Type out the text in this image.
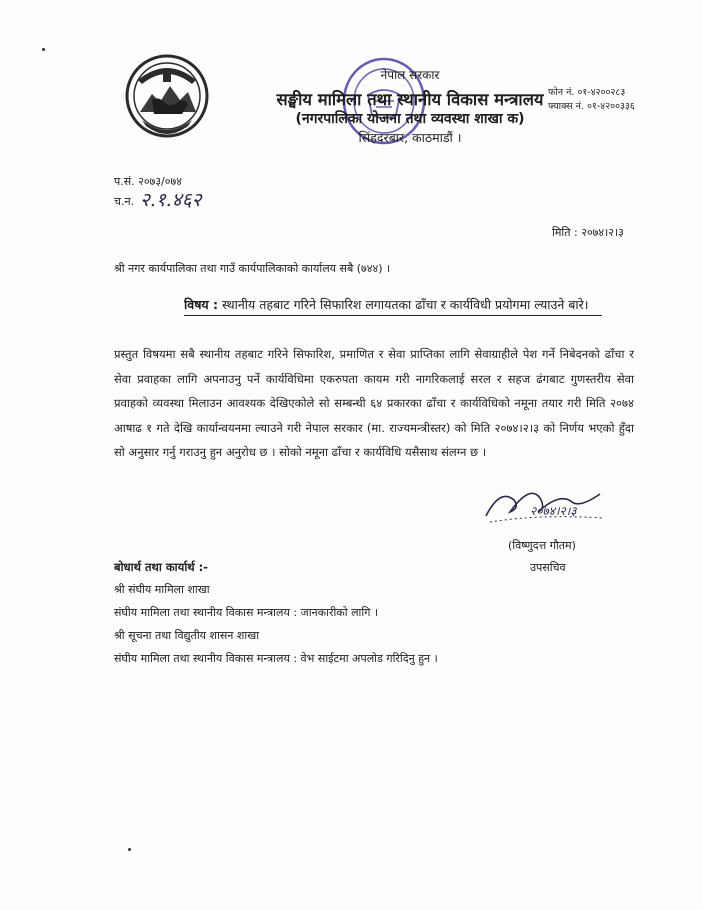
नेपाल सरकार
सङ्घीय मामिला तथा स्थानीय विकास मन्त्रालय
(नगरपालिका योजना तथा व्यवस्था शाखा क)
सिंहदरबार, काठमाडौं ।
फोन नं. ०१-४२००२८३
फ्याक्स नं. ०१-४२००३३६
प.सं. २०७३/०७४
च.न. २.१.४६२
मिति : २०७४।२।३
श्री नगर कार्यपालिका तथा गाउँ कार्यपालिकाको कार्यालय सबै (७४४) ।
विषय : स्थानीय तहबाट गरिने सिफारिश लगायतका ढाँचा र कार्यविधी प्रयोगमा ल्याउने बारे।
प्रस्तुत विषयमा सबै स्थानीय तहबाट गरिने सिफारिश, प्रमाणित र सेवा प्राप्तिका लागि सेवाग्राहीले पेश गर्ने निबेदनको ढाँचा र सेवा प्रवाहका लागि अपनाउनु पर्ने कार्यविधिमा एकरुपता कायम गरी नागरिकलाई सरल र सहज ढंगबाट गुणस्तरीय सेवा प्रवाहको व्यवस्था मिलाउन आवश्यक देखिएकोले सो सम्बन्धी ६४ प्रकारका ढाँचा र कार्यविधिको नमूना तयार गरी मिति २०७४ आषाढ १ गते देखि कार्यान्वयनमा ल्याउने गरी नेपाल सरकार (मा. राज्यमन्त्रीस्तर) को मिति २०७४।२।३ को निर्णय भएको हुँदा सो अनुसार गर्नु गराउनु हुन अनुरोध छ । सोको नमूना ढाँचा र कार्यविधि यसैसाथ संलग्न छ ।
२०७४।२।३
(विष्णुदत्त गौतम)
उपसचिव
बोधार्थ तथा कार्यार्थ :-
श्री संघीय मामिला शाखा
संघीय मामिला तथा स्थानीय विकास मन्त्रालय : जानकारीको लागि ।
श्री सूचना तथा विद्युतीय शासन शाखा
संघीय मामिला तथा स्थानीय विकास मन्त्रालय : वेभ साईटमा अपलोड गरिदिनु हुन ।
